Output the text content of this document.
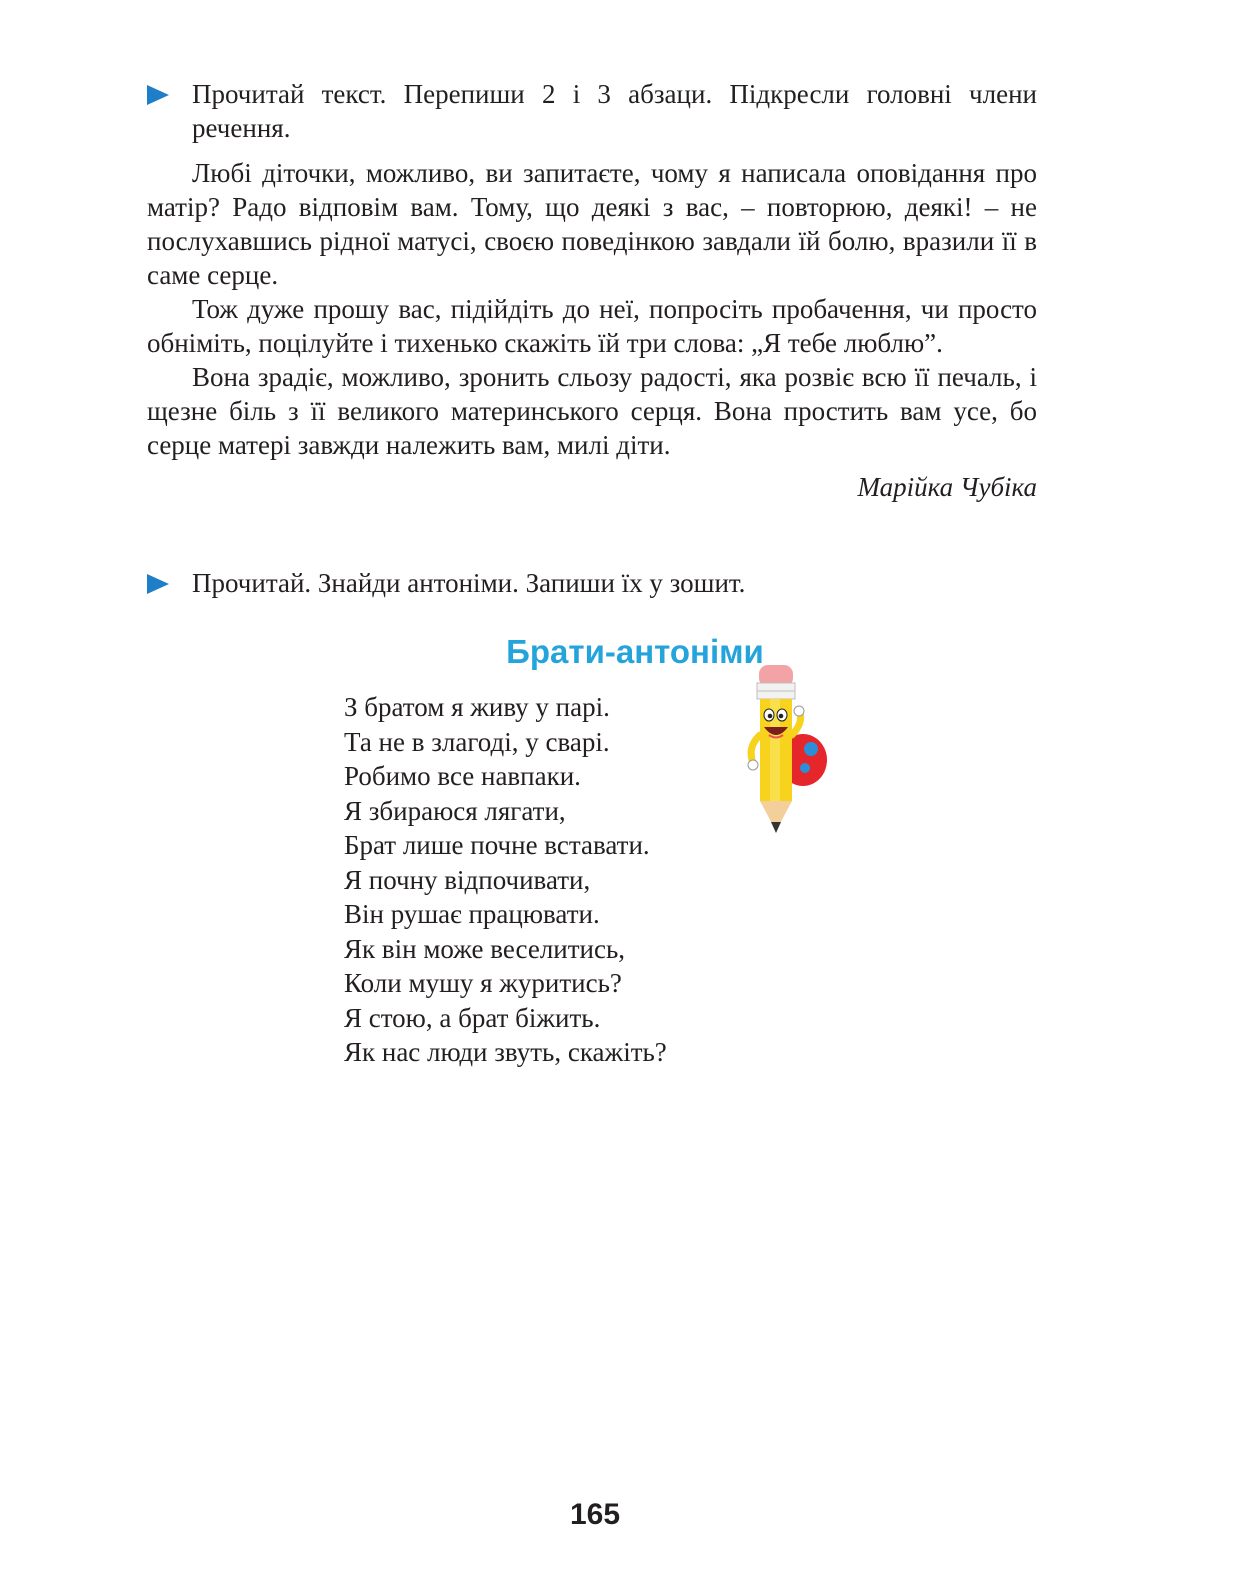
Прочитай текст. Перепиши 2 і 3 абзаци. Підкресли головні члени речення.

Любі діточки, можливо, ви запитаєте, чому я написала оповідання про матір? Радо відповім вам. Тому, що деякі з вас, – повторюю, деякі! – не послухавшись рідної матусі, своєю поведінкою завдали їй болю, вразили її в саме серце.

Тож дуже прошу вас, підійдіть до неї, попросіть пробачення, чи просто обніміть, поцілуйте і тихенько скажіть їй три слова: „Я тебе люблю”.

Вона зрадіє, можливо, зронить сльозу радості, яка розвіє всю її печаль, і щезне біль з її великого материнського серця. Вона простить вам усе, бо серце матері завжди належить вам, милі діти.

Марійка Чубіка
Прочитай. Знайди антоніми. Запиши їх у зошит.
Брати-антоніми
З братом я живу у парі.
Та не в злагоді, у сварі.
Робимо все навпаки.
Я збираюся лягати,
Брат лише почне вставати.
Я почну відпочивати,
Він рушає працювати.
Як він може веселитись,
Коли мушу я журитись?
Я стою, а брат біжить.
Як нас люди звуть, скажіть?
165
